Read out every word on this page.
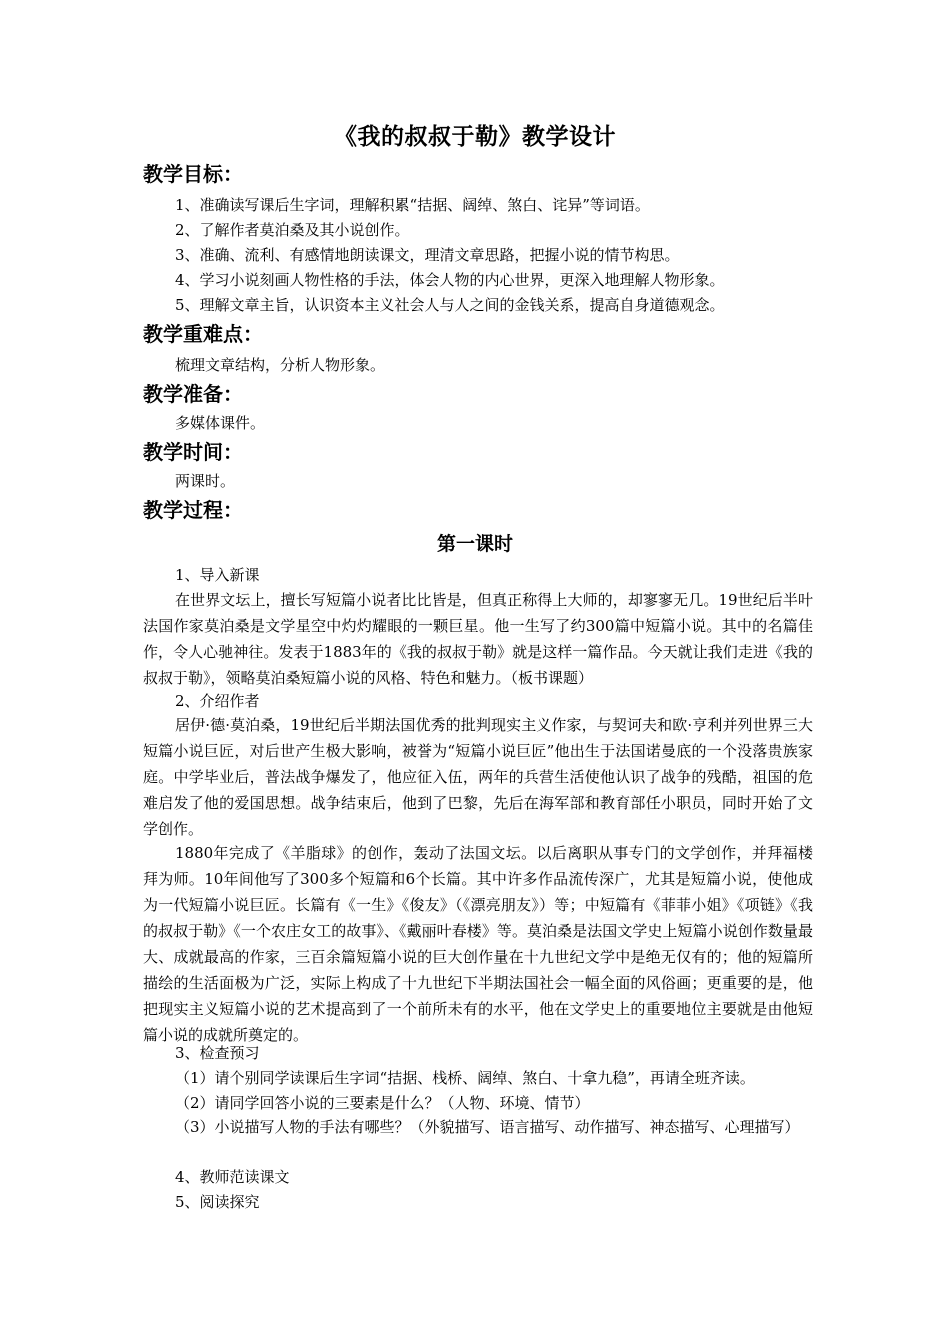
《我的叔叔于勒》教学设计
教学目标：

1、准确读写课后生字词，理解积累“拮据、阔绰、煞白、诧异”等词语。

2、了解作者莫泊桑及其小说创作。

3、准确、流利、有感情地朗读课文，理清文章思路，把握小说的情节构思。

4、学习小说刻画人物性格的手法，体会人物的内心世界，更深入地理解人物形象。

5、理解文章主旨，认识资本主义社会人与人之间的金钱关系，提高自身道德观念。

教学重难点：

梳理文章结构，分析人物形象。

教学准备：

多媒体课件。

教学时间：

两课时。

教学过程：
第一课时

1、导入新课

在世界文坛上，擅长写短篇小说者比比皆是，但真正称得上大师的，却寥寥无几。19世纪后半叶法国作家莫泊桑是文学星空中灼灼耀眼的一颗巨星。他一生写了约300篇中短篇小说。其中的名篇佳作，令人心驰神往。发表于1883年的《我的叔叔于勒》就是这样一篇作品。今天就让我们走进《我的叔叔于勒》，领略莫泊桑短篇小说的风格、特色和魅力。（板书课题）

2、介绍作者

居伊·德·莫泊桑，19世纪后半期法国优秀的批判现实主义作家，与契诃夫和欧·亨利并列世界三大短篇小说巨匠，对后世产生极大影响，被誉为“短篇小说巨匠”他出生于法国诺曼底的一个没落贵族家庭。中学毕业后，普法战争爆发了，他应征入伍，两年的兵营生活使他认识了战争的残酷，祖国的危难启发了他的爱国思想。战争结束后，他到了巴黎，先后在海军部和教育部任小职员，同时开始了文学创作。

1880年完成了《羊脂球》的创作，轰动了法国文坛。以后离职从事专门的文学创作，并拜福楼拜为师。10年间他写了300多个短篇和6个长篇。其中许多作品流传深广，尤其是短篇小说，使他成为一代短篇小说巨匠。长篇有《一生》《俊友》（《漂亮朋友》）等；中短篇有《菲菲小姐》《项链》《我的叔叔于勒》《一个农庄女工的故事》、《戴丽叶春楼》等。莫泊桑是法国文学史上短篇小说创作数量最大、成就最高的作家，三百余篇短篇小说的巨大创作量在十九世纪文学中是绝无仅有的；他的短篇所描绘的生活面极为广泛，实际上构成了十九世纪下半期法国社会一幅全面的风俗画；更重要的是，他把现实主义短篇小说的艺术提高到了一个前所未有的水平，他在文学史上的重要地位主要就是由他短篇小说的成就所奠定的。

3、检查预习

（1）请个别同学读课后生字词“拮据、栈桥、阔绰、煞白、十拿九稳”，再请全班齐读。

（2）请同学回答小说的三要素是什么？（人物、环境、情节）

（3）小说描写人物的手法有哪些？（外貌描写、语言描写、动作描写、神态描写、心理描写）

4、教师范读课文

5、阅读探究
